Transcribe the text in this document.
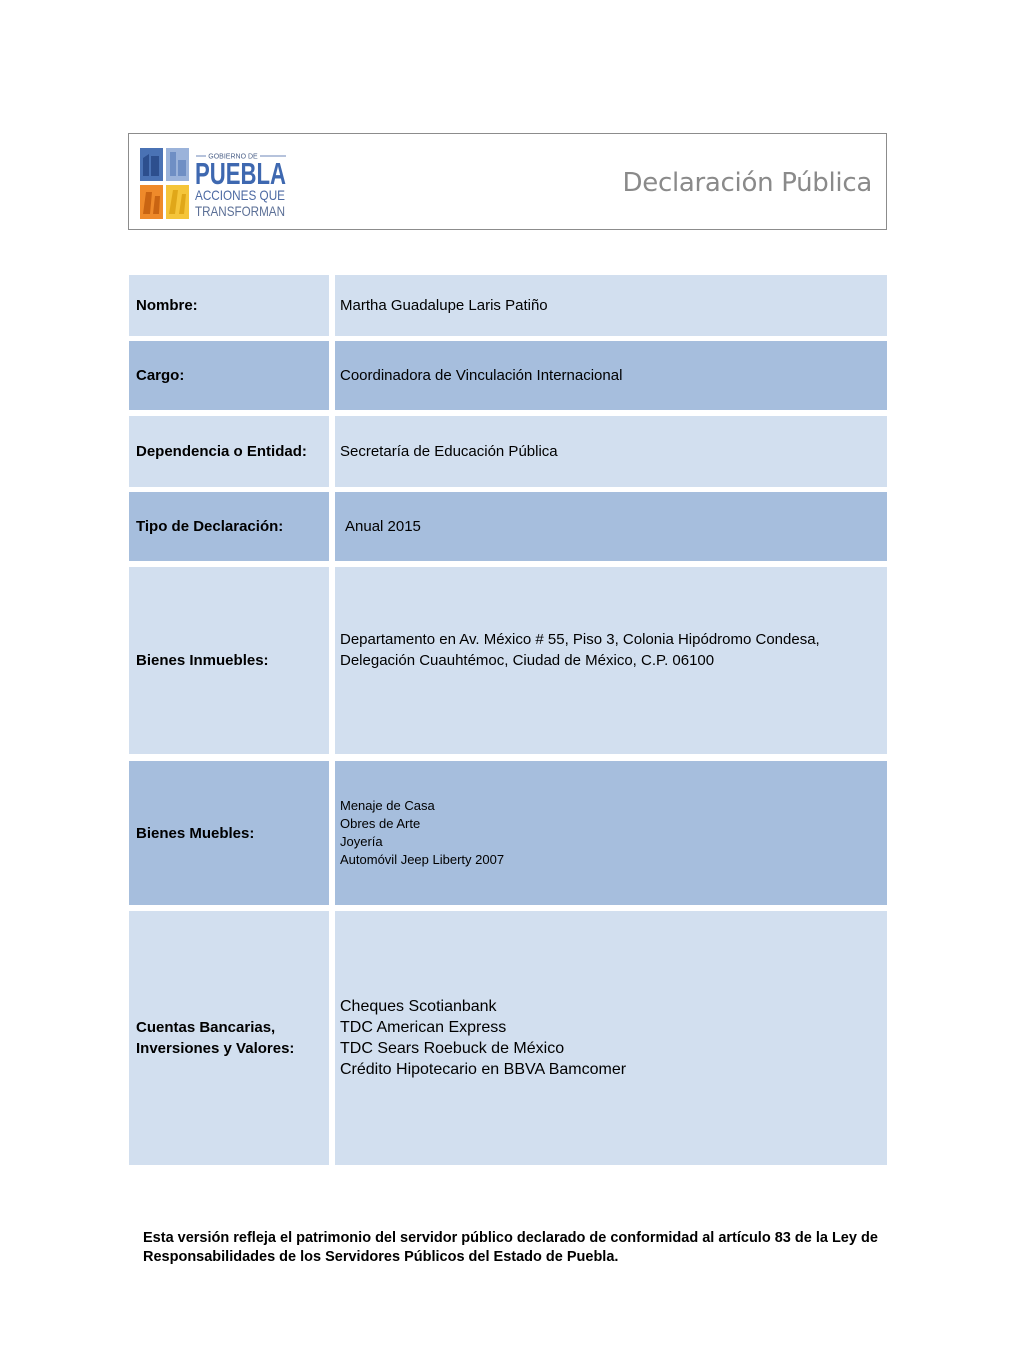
GOBIERNO DE
PUEBLA
ACCIONES QUE
TRANSFORMAN
Declaración Pública
Nombre:	Martha Guadalupe Laris Patiño
Cargo:	Coordinadora de Vinculación Internacional
Dependencia o Entidad:	Secretaría de Educación Pública
Tipo de Declaración:	Anual 2015
Bienes Inmuebles:
Departamento en Av. México # 55, Piso 3, Colonia Hipódromo Condesa,
Delegación Cuauhtémoc, Ciudad de México, C.P. 06100
Bienes Muebles:
Menaje de Casa
Obres de Arte
Joyería
Automóvil Jeep Liberty 2007
Cuentas Bancarias,
Inversiones y Valores:
Cheques Scotianbank
TDC American Express
TDC Sears Roebuck de México
Crédito Hipotecario en BBVA Bamcomer
Esta versión refleja el patrimonio del servidor público declarado de conformidad al artículo 83 de la Ley de Responsabilidades de los Servidores Públicos del Estado de Puebla.
